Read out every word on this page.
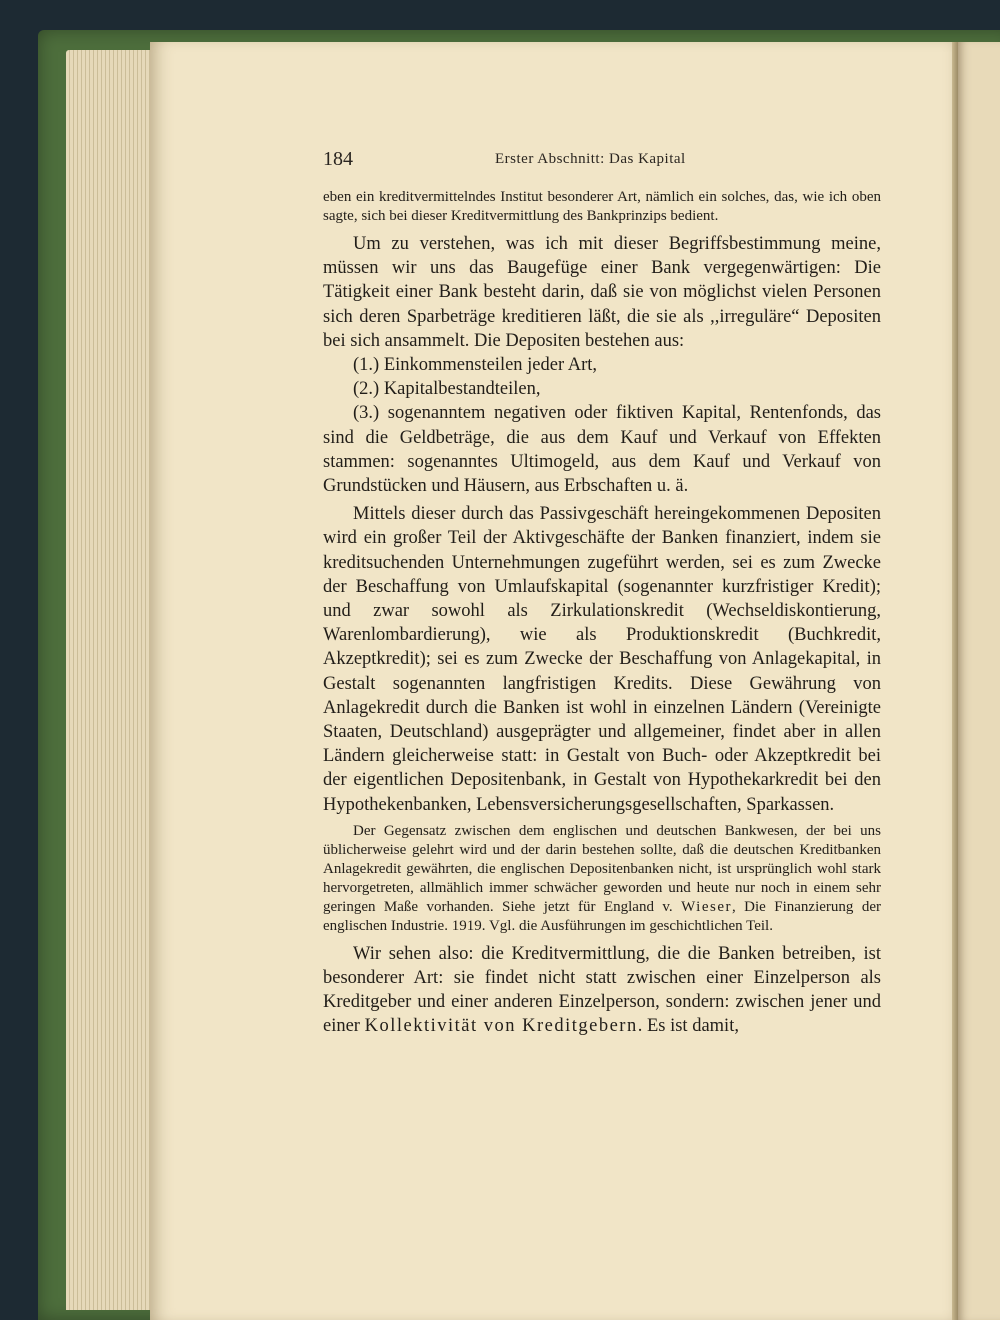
184	Erster Abschnitt: Das Kapital

eben ein kreditvermittelndes Institut besonderer Art, nämlich ein solches, das, wie ich oben sagte, sich bei dieser Kreditvermittlung des Bankprinzips bedient.

Um zu verstehen, was ich mit dieser Begriffsbestimmung meine, müssen wir uns das Baugefüge einer Bank vergegenwärtigen: Die Tätigkeit einer Bank besteht darin, daß sie von möglichst vielen Personen sich deren Sparbeträge kreditieren läßt, die sie als ,,irreguläre“ Depositen bei sich ansammelt. Die Depositen bestehen aus:

(1.) Einkommensteilen jeder Art,

(2.) Kapitalbestandteilen,

(3.) sogenanntem negativen oder fiktiven Kapital, Rentenfonds, das sind die Geldbeträge, die aus dem Kauf und Verkauf von Effekten stammen: sogenanntes Ultimogeld, aus dem Kauf und Verkauf von Grundstücken und Häusern, aus Erbschaften u. ä.

Mittels dieser durch das Passivgeschäft hereingekommenen Depositen wird ein großer Teil der Aktivgeschäfte der Banken finanziert, indem sie kreditsuchenden Unternehmungen zugeführt werden, sei es zum Zwecke der Beschaffung von Umlaufskapital (sogenannter kurzfristiger Kredit); und zwar sowohl als Zirkulationskredit (Wechseldiskontierung, Warenlombardierung), wie als Produktionskredit (Buchkredit, Akzeptkredit); sei es zum Zwecke der Beschaffung von Anlagekapital, in Gestalt sogenannten langfristigen Kredits. Diese Gewährung von Anlagekredit durch die Banken ist wohl in einzelnen Ländern (Vereinigte Staaten, Deutschland) ausgeprägter und allgemeiner, findet aber in allen Ländern gleicherweise statt: in Gestalt von Buch- oder Akzeptkredit bei der eigentlichen Depositenbank, in Gestalt von Hypothekarkredit bei den Hypothekenbanken, Lebensversicherungsgesellschaften, Sparkassen.

Der Gegensatz zwischen dem englischen und deutschen Bankwesen, der bei uns üblicherweise gelehrt wird und der darin bestehen sollte, daß die deutschen Kreditbanken Anlagekredit gewährten, die englischen Depositenbanken nicht, ist ursprünglich wohl stark hervorgetreten, allmählich immer schwächer geworden und heute nur noch in einem sehr geringen Maße vorhanden. Siehe jetzt für England v. Wieser, Die Finanzierung der englischen Industrie. 1919. Vgl. die Ausführungen im geschichtlichen Teil.

Wir sehen also: die Kreditvermittlung, die die Banken betreiben, ist besonderer Art: sie findet nicht statt zwischen einer Einzelperson als Kreditgeber und einer anderen Einzelperson, sondern: zwischen jener und einer Kollektivität von Kreditgebern. Es ist damit,
